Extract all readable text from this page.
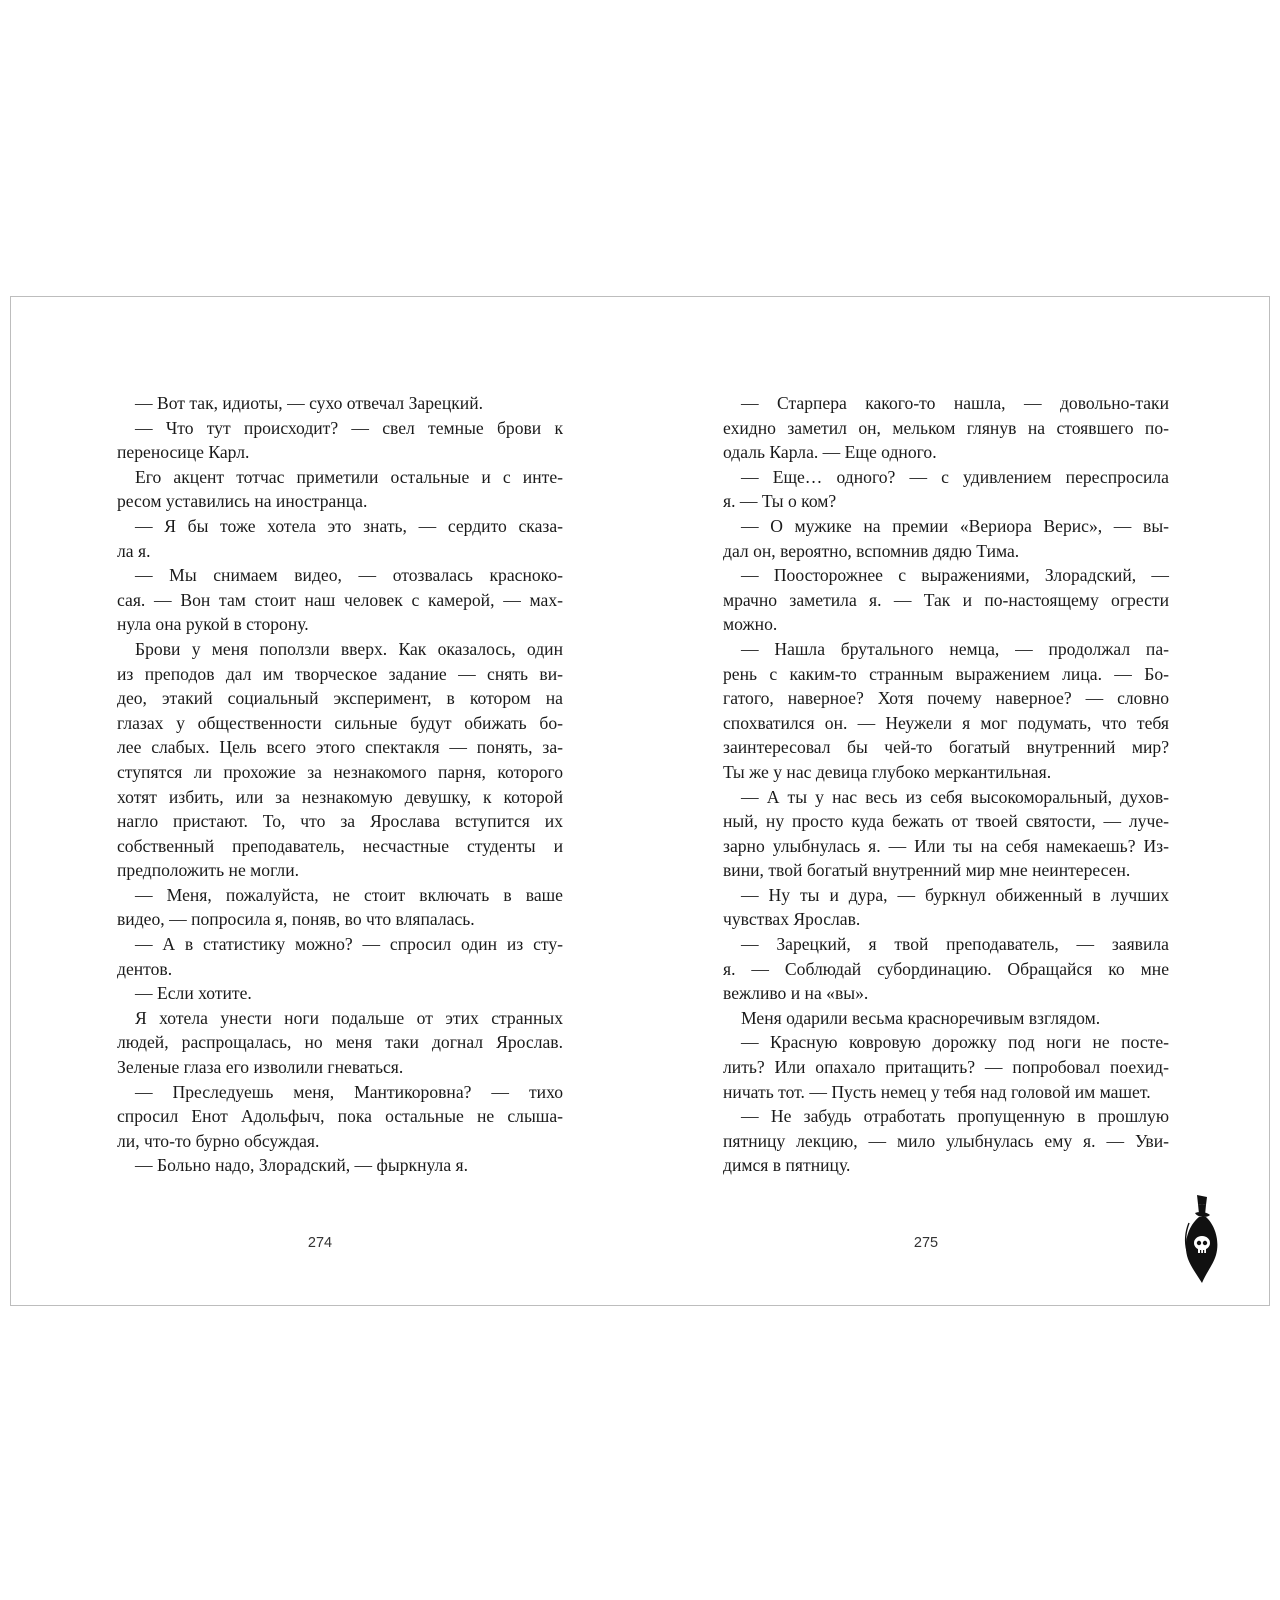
— Вот так, идиоты, — сухо отвечал Зарецкий.
— Что тут происходит? — свел темные брови к
переносице Карл.
Его акцент тотчас приметили остальные и с инте-
ресом уставились на иностранца.
— Я бы тоже хотела это знать, — сердито сказа-
ла я.
— Мы снимаем видео, — отозвалась красноко-
сая. — Вон там стоит наш человек с камерой, — мах-
нула она рукой в сторону.
Брови у меня поползли вверх. Как оказалось, один
из преподов дал им творческое задание — снять ви-
део, этакий социальный эксперимент, в котором на
глазах у общественности сильные будут обижать бо-
лее слабых. Цель всего этого спектакля — понять, за-
ступятся ли прохожие за незнакомого парня, которого
хотят избить, или за незнакомую девушку, к которой
нагло пристают. То, что за Ярослава вступится их
собственный преподаватель, несчастные студенты и
предположить не могли.
— Меня, пожалуйста, не стоит включать в ваше
видео, — попросила я, поняв, во что вляпалась.
— А в статистику можно? — спросил один из сту-
дентов.
— Если хотите.
Я хотела унести ноги подальше от этих странных
людей, распрощалась, но меня таки догнал Ярослав.
Зеленые глаза его изволили гневаться.
— Преследуешь меня, Мантикоровна? — тихо
спросил Енот Адольфыч, пока остальные не слыша-
ли, что-то бурно обсуждая.
— Больно надо, Злорадский, — фыркнула я.
274
— Старпера какого-то нашла, — довольно-таки
ехидно заметил он, мельком глянув на стоявшего по-
одаль Карла. — Еще одного.
— Еще… одного? — с удивлением переспросила
я. — Ты о ком?
— О мужике на премии «Вериора Верис», — вы-
дал он, вероятно, вспомнив дядю Тима.
— Поосторожнее с выражениями, Злорадский, —
мрачно заметила я. — Так и по-настоящему огрести
можно.
— Нашла брутального немца, — продолжал па-
рень с каким-то странным выражением лица. — Бо-
гатого, наверное? Хотя почему наверное? — словно
спохватился он. — Неужели я мог подумать, что тебя
заинтересовал бы чей-то богатый внутренний мир?
Ты же у нас девица глубоко меркантильная.
— А ты у нас весь из себя высокоморальный, духов-
ный, ну просто куда бежать от твоей святости, — луче-
зарно улыбнулась я. — Или ты на себя намекаешь? Из-
вини, твой богатый внутренний мир мне неинтересен.
— Ну ты и дура, — буркнул обиженный в лучших
чувствах Ярослав.
— Зарецкий, я твой преподаватель, — заявила
я. — Соблюдай субординацию. Обращайся ко мне
вежливо и на «вы».
Меня одарили весьма красноречивым взглядом.
— Красную ковровую дорожку под ноги не посте-
лить? Или опахало притащить? — попробовал поехид-
ничать тот. — Пусть немец у тебя над головой им машет.
— Не забудь отработать пропущенную в прошлую
пятницу лекцию, — мило улыбнулась ему я. — Уви-
димся в пятницу.
275
